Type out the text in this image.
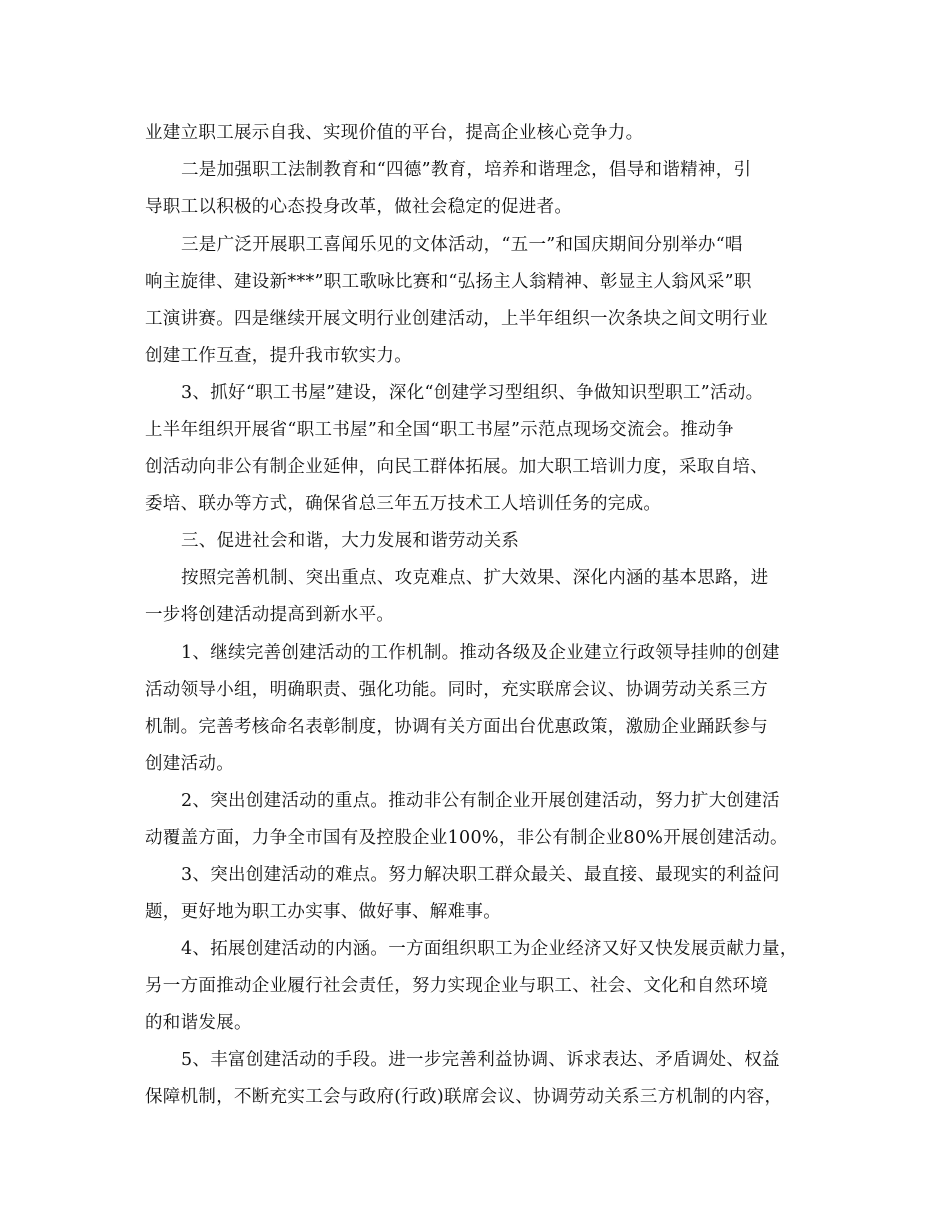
业建立职工展示自我、实现价值的平台，提高企业核心竞争力。
二是加强职工法制教育和“四德”教育，培养和谐理念，倡导和谐精神，引
导职工以积极的心态投身改革，做社会稳定的促进者。
三是广泛开展职工喜闻乐见的文体活动，“五一”和国庆期间分别举办“唱
响主旋律、建设新***”职工歌咏比赛和“弘扬主人翁精神、彰显主人翁风采”职
工演讲赛。四是继续开展文明行业创建活动，上半年组织一次条块之间文明行业
创建工作互查，提升我市软实力。
3、抓好“职工书屋”建设，深化“创建学习型组织、争做知识型职工”活动。
上半年组织开展省“职工书屋”和全国“职工书屋”示范点现场交流会。推动争
创活动向非公有制企业延伸，向民工群体拓展。加大职工培训力度，采取自培、
委培、联办等方式，确保省总三年五万技术工人培训任务的完成。
三、促进社会和谐，大力发展和谐劳动关系
按照完善机制、突出重点、攻克难点、扩大效果、深化内涵的基本思路，进
一步将创建活动提高到新水平。
1、继续完善创建活动的工作机制。推动各级及企业建立行政领导挂帅的创建
活动领导小组，明确职责、强化功能。同时，充实联席会议、协调劳动关系三方
机制。完善考核命名表彰制度，协调有关方面出台优惠政策，激励企业踊跃参与
创建活动。
2、突出创建活动的重点。推动非公有制企业开展创建活动，努力扩大创建活
动覆盖方面，力争全市国有及控股企业100%，非公有制企业80%开展创建活动。
3、突出创建活动的难点。努力解决职工群众最关、最直接、最现实的利益问
题，更好地为职工办实事、做好事、解难事。
4、拓展创建活动的内涵。一方面组织职工为企业经济又好又快发展贡献力量，
另一方面推动企业履行社会责任，努力实现企业与职工、社会、文化和自然环境
的和谐发展。
5、丰富创建活动的手段。进一步完善利益协调、诉求表达、矛盾调处、权益
保障机制，不断充实工会与政府(行政)联席会议、协调劳动关系三方机制的内容，
